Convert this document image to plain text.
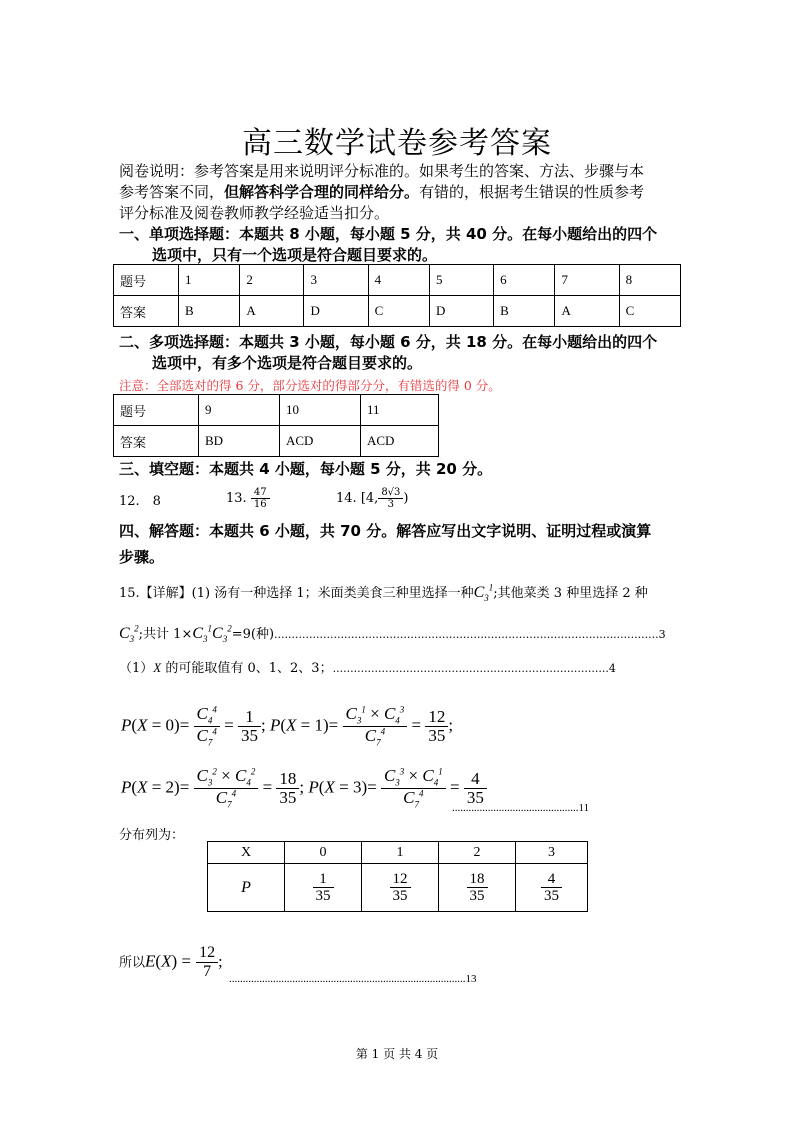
高三数学试卷参考答案
阅卷说明：参考答案是用来说明评分标准的。如果考生的答案、方法、步骤与本
参考答案不同，但解答科学合理的同样给分。有错的，根据考生错误的性质参考
评分标准及阅卷教师教学经验适当扣分。
一、单项选择题：本题共 8 小题，每小题 5 分，共 40 分。在每小题给出的四个
选项中，只有一个选项是符合题目要求的。
题号	1	2	3	4	5	6	7	8
答案	B	A	D	C	D	B	A	C
二、多项选择题：本题共 3 小题，每小题 6 分，共 18 分。在每小题给出的四个
选项中，有多个选项是符合题目要求的。
注意：全部选对的得 6 分，部分选对的得部分分，有错选的得 0 分。
题号	9	10	11
答案	BD	ACD	ACD
三、填空题：本题共 4 小题，每小题 5 分，共 20 分。
12.　8	13. $\frac{47}{16}$	14. [4, $\frac{8√3}{3}$ )
四、解答题：本题共 6 小题，共 70 分。解答应写出文字说明、证明过程或演算
步骤。
15.【详解】(1) 汤有一种选择 1；米面类美食三种里选择一种$C_3^1$;其他菜类 3 种里选择 2 种
$C_3^2$;共计 $1\times C_3^1C_3^2=9$(种)..............................................................................................................3
（1）X 的可能取值有 0、1、2、3；...............................................................................4
$P(X = 0)= \frac{C_4^4}{C_7^4} = \frac{1}{35}$ ; $P(X = 1)= \frac{C_3^1 \times C_4^3}{C_7^4} = \frac{12}{35}$ ;
$P(X = 2)= \frac{C_3^2 \times C_4^2}{C_7^4} = \frac{18}{35}$ ; $P(X = 3)= \frac{C_3^3 \times C_4^1}{C_7^4} = \frac{4}{35}$
..............................................11
分布列为：
X	0	1	2	3
P	$\frac{1}{35}$	$\frac{12}{35}$	$\frac{18}{35}$	$\frac{4}{35}$
所以$E(X) = \frac{12}{7}$ ;
......................................................................................13
第 1 页 共 4 页
